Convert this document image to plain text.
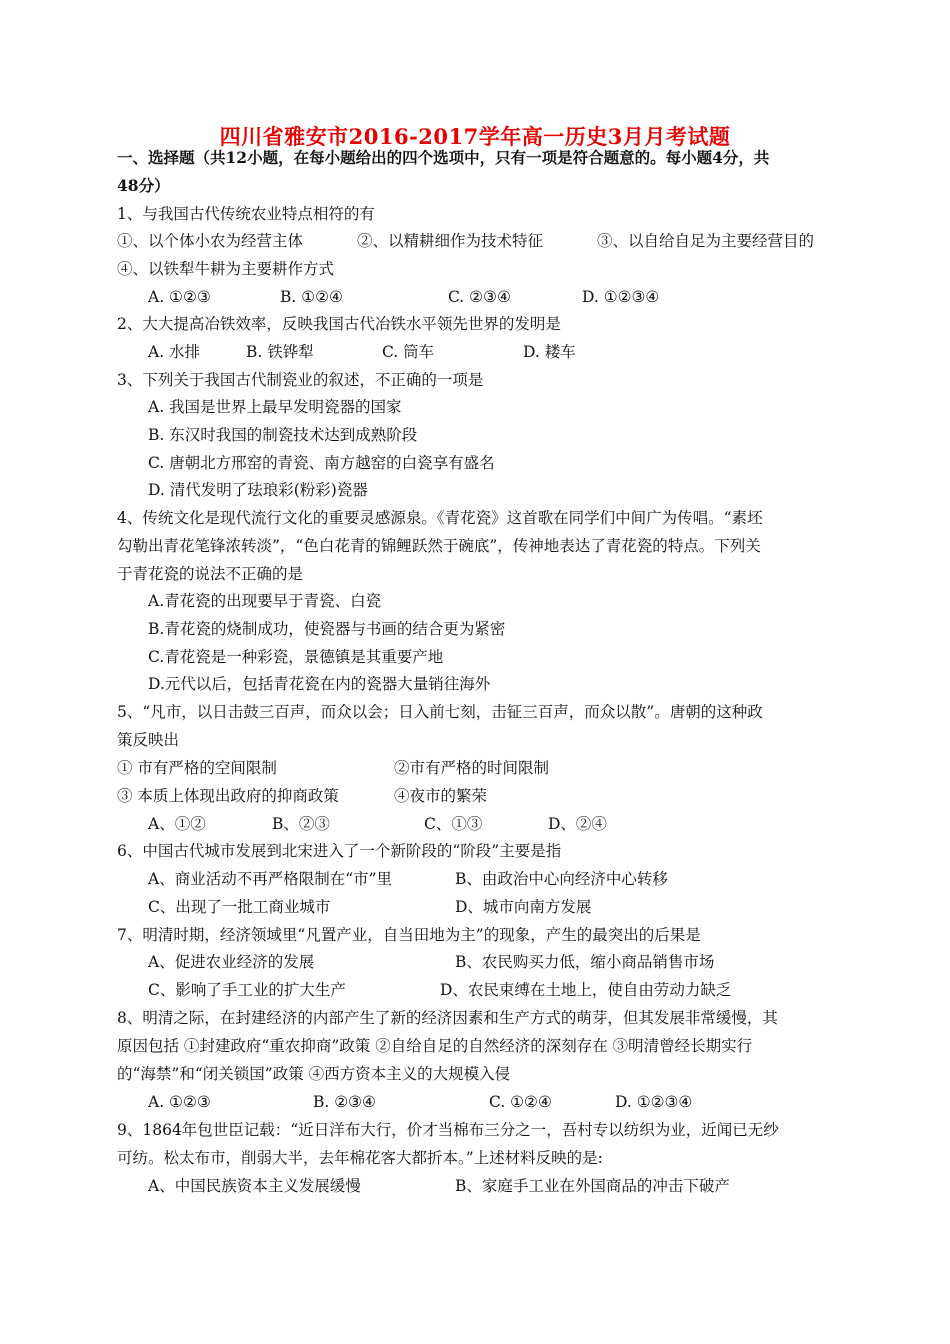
四川省雅安市2016-2017学年高一历史3月月考试题
一、选择题（共12小题，在每小题给出的四个选项中，只有一项是符合题意的。每小题4分，共
48分）
1、与我国古代传统农业特点相符的有
①、以个体小农为经营主体	②、以精耕细作为技术特征	③、以自给自足为主要经营目的
④、以铁犁牛耕为主要耕作方式
A. ①②③	B. ①②④	C. ②③④	D. ①②③④
2、大大提高冶铁效率，反映我国古代冶铁水平领先世界的发明是
A. 水排	B. 铁铧犁	C. 筒车	D. 耧车
3、下列关于我国古代制瓷业的叙述，不正确的一项是
A. 我国是世界上最早发明瓷器的国家
B. 东汉时我国的制瓷技术达到成熟阶段
C. 唐朝北方邢窑的青瓷、南方越窑的白瓷享有盛名
D. 清代发明了珐琅彩(粉彩)瓷器
4、传统文化是现代流行文化的重要灵感源泉。《青花瓷》这首歌在同学们中间广为传唱。“素坯
勾勒出青花笔锋浓转淡”，“色白花青的锦鲤跃然于碗底”，传神地表达了青花瓷的特点。下列关
于青花瓷的说法不正确的是
A.青花瓷的出现要早于青瓷、白瓷
B.青花瓷的烧制成功，使瓷器与书画的结合更为紧密
C.青花瓷是一种彩瓷，景德镇是其重要产地
D.元代以后，包括青花瓷在内的瓷器大量销往海外
5、“凡市，以日击鼓三百声，而众以会；日入前七刻，击钲三百声，而众以散”。唐朝的这种政
策反映出
① 市有严格的空间限制	②市有严格的时间限制
③ 本质上体现出政府的抑商政策	④夜市的繁荣
A、①②	B、②③	C、①③	D、②④
6、中国古代城市发展到北宋进入了一个新阶段的“阶段”主要是指
A、商业活动不再严格限制在“市”里	B、由政治中心向经济中心转移
C、出现了一批工商业城市	D、城市向南方发展
7、明清时期，经济领域里“凡置产业，自当田地为主”的现象，产生的最突出的后果是
A、促进农业经济的发展	B、农民购买力低，缩小商品销售市场
C、影响了手工业的扩大生产	D、农民束缚在土地上，使自由劳动力缺乏
8、明清之际，在封建经济的内部产生了新的经济因素和生产方式的萌芽，但其发展非常缓慢，其
原因包括 ①封建政府“重农抑商”政策 ②自给自足的自然经济的深刻存在 ③明清曾经长期实行
的“海禁”和“闭关锁国”政策 ④西方资本主义的大规模入侵
A. ①②③	B. ②③④	C. ①②④	D. ①②③④
9、1864年包世臣记载：“近日洋布大行，价才当棉布三分之一，吾村专以纺织为业，近闻已无纱
可纺。松太布市，削弱大半，去年棉花客大都折本。”上述材料反映的是:
A、中国民族资本主义发展缓慢	B、家庭手工业在外国商品的冲击下破产
